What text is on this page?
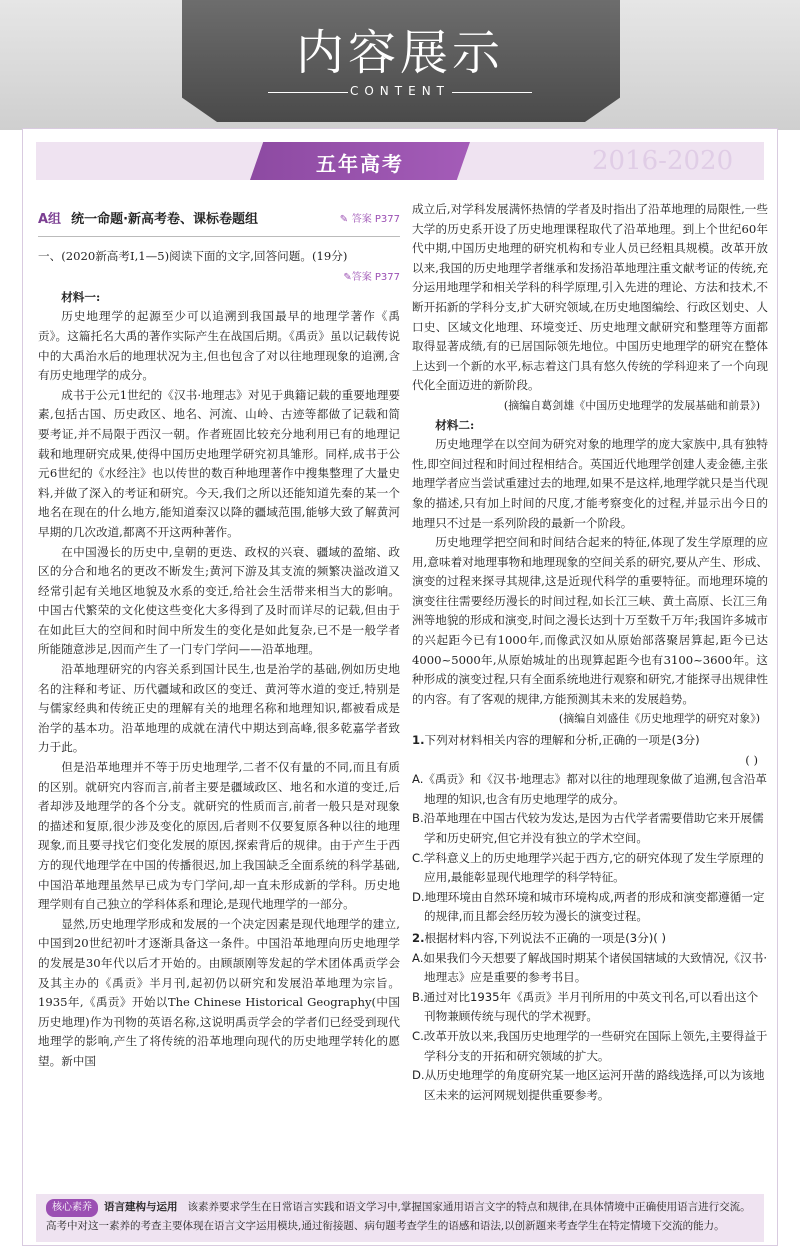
内容展示
CONTENT
五年高考	2016-2020
A组 统一命题·新高考卷、课标卷题组	✎ 答案 P377
一、(2020新高考Ⅰ,1—5)阅读下面的文字,回答问题。(19分)
✎答案 P377
材料一:

历史地理学的起源至少可以追溯到我国最早的地理学著作《禹贡》。这篇托名大禹的著作实际产生在战国后期。《禹贡》虽以记载传说中的大禹治水后的地理状况为主,但也包含了对以往地理现象的追溯,含有历史地理学的成分。

成书于公元1世纪的《汉书·地理志》对见于典籍记载的重要地理要素,包括古国、历史政区、地名、河流、山岭、古迹等都做了记载和简要考证,并不局限于西汉一朝。作者班固比较充分地利用已有的地理记载和地理研究成果,使得中国历史地理学研究初具雏形。同样,成书于公元6世纪的《水经注》也以传世的数百种地理著作中搜集整理了大量史料,并做了深入的考证和研究。今天,我们之所以还能知道先秦的某一个地名在现在的什么地方,能知道秦汉以降的疆域范围,能够大致了解黄河早期的几次改道,都离不开这两种著作。

在中国漫长的历史中,皇朝的更迭、政权的兴衰、疆域的盈缩、政区的分合和地名的更改不断发生;黄河下游及其支流的频繁决溢改道又经常引起有关地区地貌及水系的变迁,给社会生活带来相当大的影响。中国古代繁荣的文化使这些变化大多得到了及时而详尽的记载,但由于在如此巨大的空间和时间中所发生的变化是如此复杂,已不是一般学者所能随意涉足,因而产生了一门专门学问——沿革地理。

沿革地理研究的内容关系到国计民生,也是治学的基础,例如历史地名的注释和考证、历代疆域和政区的变迁、黄河等水道的变迁,特别是与儒家经典和传统正史的理解有关的地理名称和地理知识,都被看成是治学的基本功。沿革地理的成就在清代中期达到高峰,很多乾嘉学者致力于此。

但是沿革地理并不等于历史地理学,二者不仅有量的不同,而且有质的区别。就研究内容而言,前者主要是疆域政区、地名和水道的变迁,后者却涉及地理学的各个分支。就研究的性质而言,前者一般只是对现象的描述和复原,很少涉及变化的原因,后者则不仅要复原各种以往的地理现象,而且要寻找它们变化发展的原因,探索背后的规律。由于产生于西方的现代地理学在中国的传播很迟,加上我国缺乏全面系统的科学基础,中国沿革地理虽然早已成为专门学问,却一直未形成新的学科。历史地理学则有自己独立的学科体系和理论,是现代地理学的一部分。

显然,历史地理学形成和发展的一个决定因素是现代地理学的建立,中国到20世纪初叶才逐渐具备这一条件。中国沿革地理向历史地理学的发展是30年代以后才开始的。由顾颉刚等发起的学术团体禹贡学会及其主办的《禹贡》半月刊,起初仍以研究和发展沿革地理为宗旨。1935年,《禹贡》开始以The Chinese Historical Geography(中国历史地理)作为刊物的英语名称,这说明禹贡学会的学者们已经受到现代地理学的影响,产生了将传统的沿革地理向现代的历史地理学转化的愿望。新中国

成立后,对学科发展满怀热情的学者及时指出了沿革地理的局限性,一些大学的历史系开设了历史地理课程取代了沿革地理。到上个世纪60年代中期,中国历史地理的研究机构和专业人员已经粗具规模。改革开放以来,我国的历史地理学者继承和发扬沿革地理注重文献考证的传统,充分运用地理学和相关学科的科学原理,引入先进的理论、方法和技术,不断开拓新的学科分支,扩大研究领域,在历史地图编绘、行政区划史、人口史、区域文化地理、环境变迁、历史地理文献研究和整理等方面都取得显著成绩,有的已居国际领先地位。中国历史地理学的研究在整体上达到一个新的水平,标志着这门具有悠久传统的学科迎来了一个向现代化全面迈进的新阶段。

(摘编自葛剑雄《中国历史地理学的发展基础和前景》)
材料二:

历史地理学在以空间为研究对象的地理学的庞大家族中,具有独特性,即空间过程和时间过程相结合。英国近代地理学创建人麦金德,主张地理学者应当尝试重建过去的地理,如果不是这样,地理学就只是当代现象的描述,只有加上时间的尺度,才能考察变化的过程,并显示出今日的地理只不过是一系列阶段的最新一个阶段。

历史地理学把空间和时间结合起来的特征,体现了发生学原理的应用,意味着对地理事物和地理现象的空间关系的研究,要从产生、形成、演变的过程来探寻其规律,这是近现代科学的重要特征。而地理环境的演变往往需要经历漫长的时间过程,如长江三峡、黄土高原、长江三角洲等地貌的形成和演变,时间之漫长达到十万至数千万年;我国许多城市的兴起距今已有1000年,而像武汉如从原始部落聚居算起,距今已达4000~5000年,从原始城址的出现算起距今也有3100~3600年。这种形成的演变过程,只有全面系统地进行观察和研究,才能探寻出规律性的内容。有了客观的规律,方能预测其未来的发展趋势。

(摘编自刘盛佳《历史地理学的研究对象》)
1.下列对材料相关内容的理解和分析,正确的一项是(3分)
( )
A.《禹贡》和《汉书·地理志》都对以往的地理现象做了追溯,包含沿革地理的知识,也含有历史地理学的成分。
B.沿革地理在中国古代较为发达,是因为古代学者需要借助它来开展儒学和历史研究,但它并没有独立的学术空间。
C.学科意义上的历史地理学兴起于西方,它的研究体现了发生学原理的应用,最能彰显现代地理学的科学特征。
D.地理环境由自然环境和城市环境构成,两者的形成和演变都遵循一定的规律,而且都会经历较为漫长的演变过程。
2.根据材料内容,下列说法不正确的一项是(3分)( )
A.如果我们今天想要了解战国时期某个诸侯国辖域的大致情况,《汉书·地理志》应是重要的参考书目。
B.通过对比1935年《禹贡》半月刊所用的中英文刊名,可以看出这个刊物兼顾传统与现代的学术视野。
C.改革开放以来,我国历史地理学的一些研究在国际上领先,主要得益于学科分支的开拓和研究领域的扩大。
D.从历史地理学的角度研究某一地区运河开凿的路线选择,可以为该地区未来的运河网规划提供重要参考。
核心素养 语言建构与运用 该素养要求学生在日常语言实践和语文学习中,掌握国家通用语言文字的特点和规律,在具体情境中正确使用语言进行交流。高考中对这一素养的考查主要体现在语言文字运用模块,通过衔接题、病句题考查学生的语感和语法,以创新题来考查学生在特定情境下交流的能力。
